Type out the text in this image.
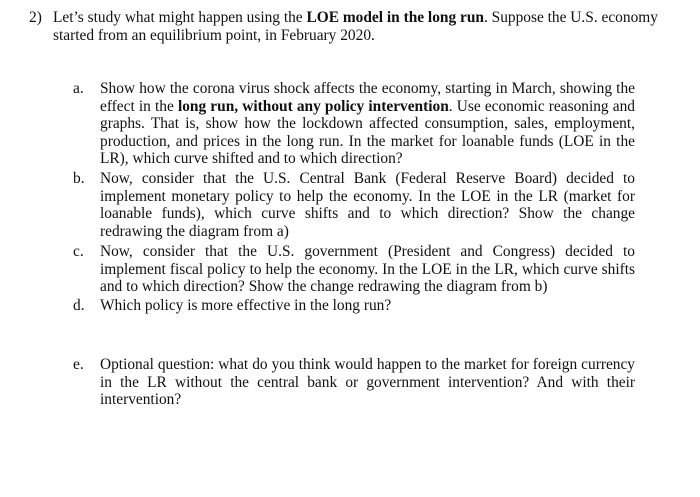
2) Let’s study what might happen using the LOE model in the long run. Suppose the U.S. economy started from an equilibrium point, in February 2020.
a.	Show how the corona virus shock affects the economy, starting in March, showing the effect in the long run, without any policy intervention. Use economic reasoning and graphs. That is, show how the lockdown affected consumption, sales, employment, production, and prices in the long run. In the market for loanable funds (LOE in the LR), which curve shifted and to which direction?
b.	Now, consider that the U.S. Central Bank (Federal Reserve Board) decided to implement monetary policy to help the economy. In the LOE in the LR (market for loanable funds), which curve shifts and to which direction? Show the change redrawing the diagram from a)
c.	Now, consider that the U.S. government (President and Congress) decided to implement fiscal policy to help the economy. In the LOE in the LR, which curve shifts and to which direction? Show the change redrawing the diagram from b)
d.	Which policy is more effective in the long run?
e.	Optional question: what do you think would happen to the market for foreign currency in the LR without the central bank or government intervention? And with their intervention?
